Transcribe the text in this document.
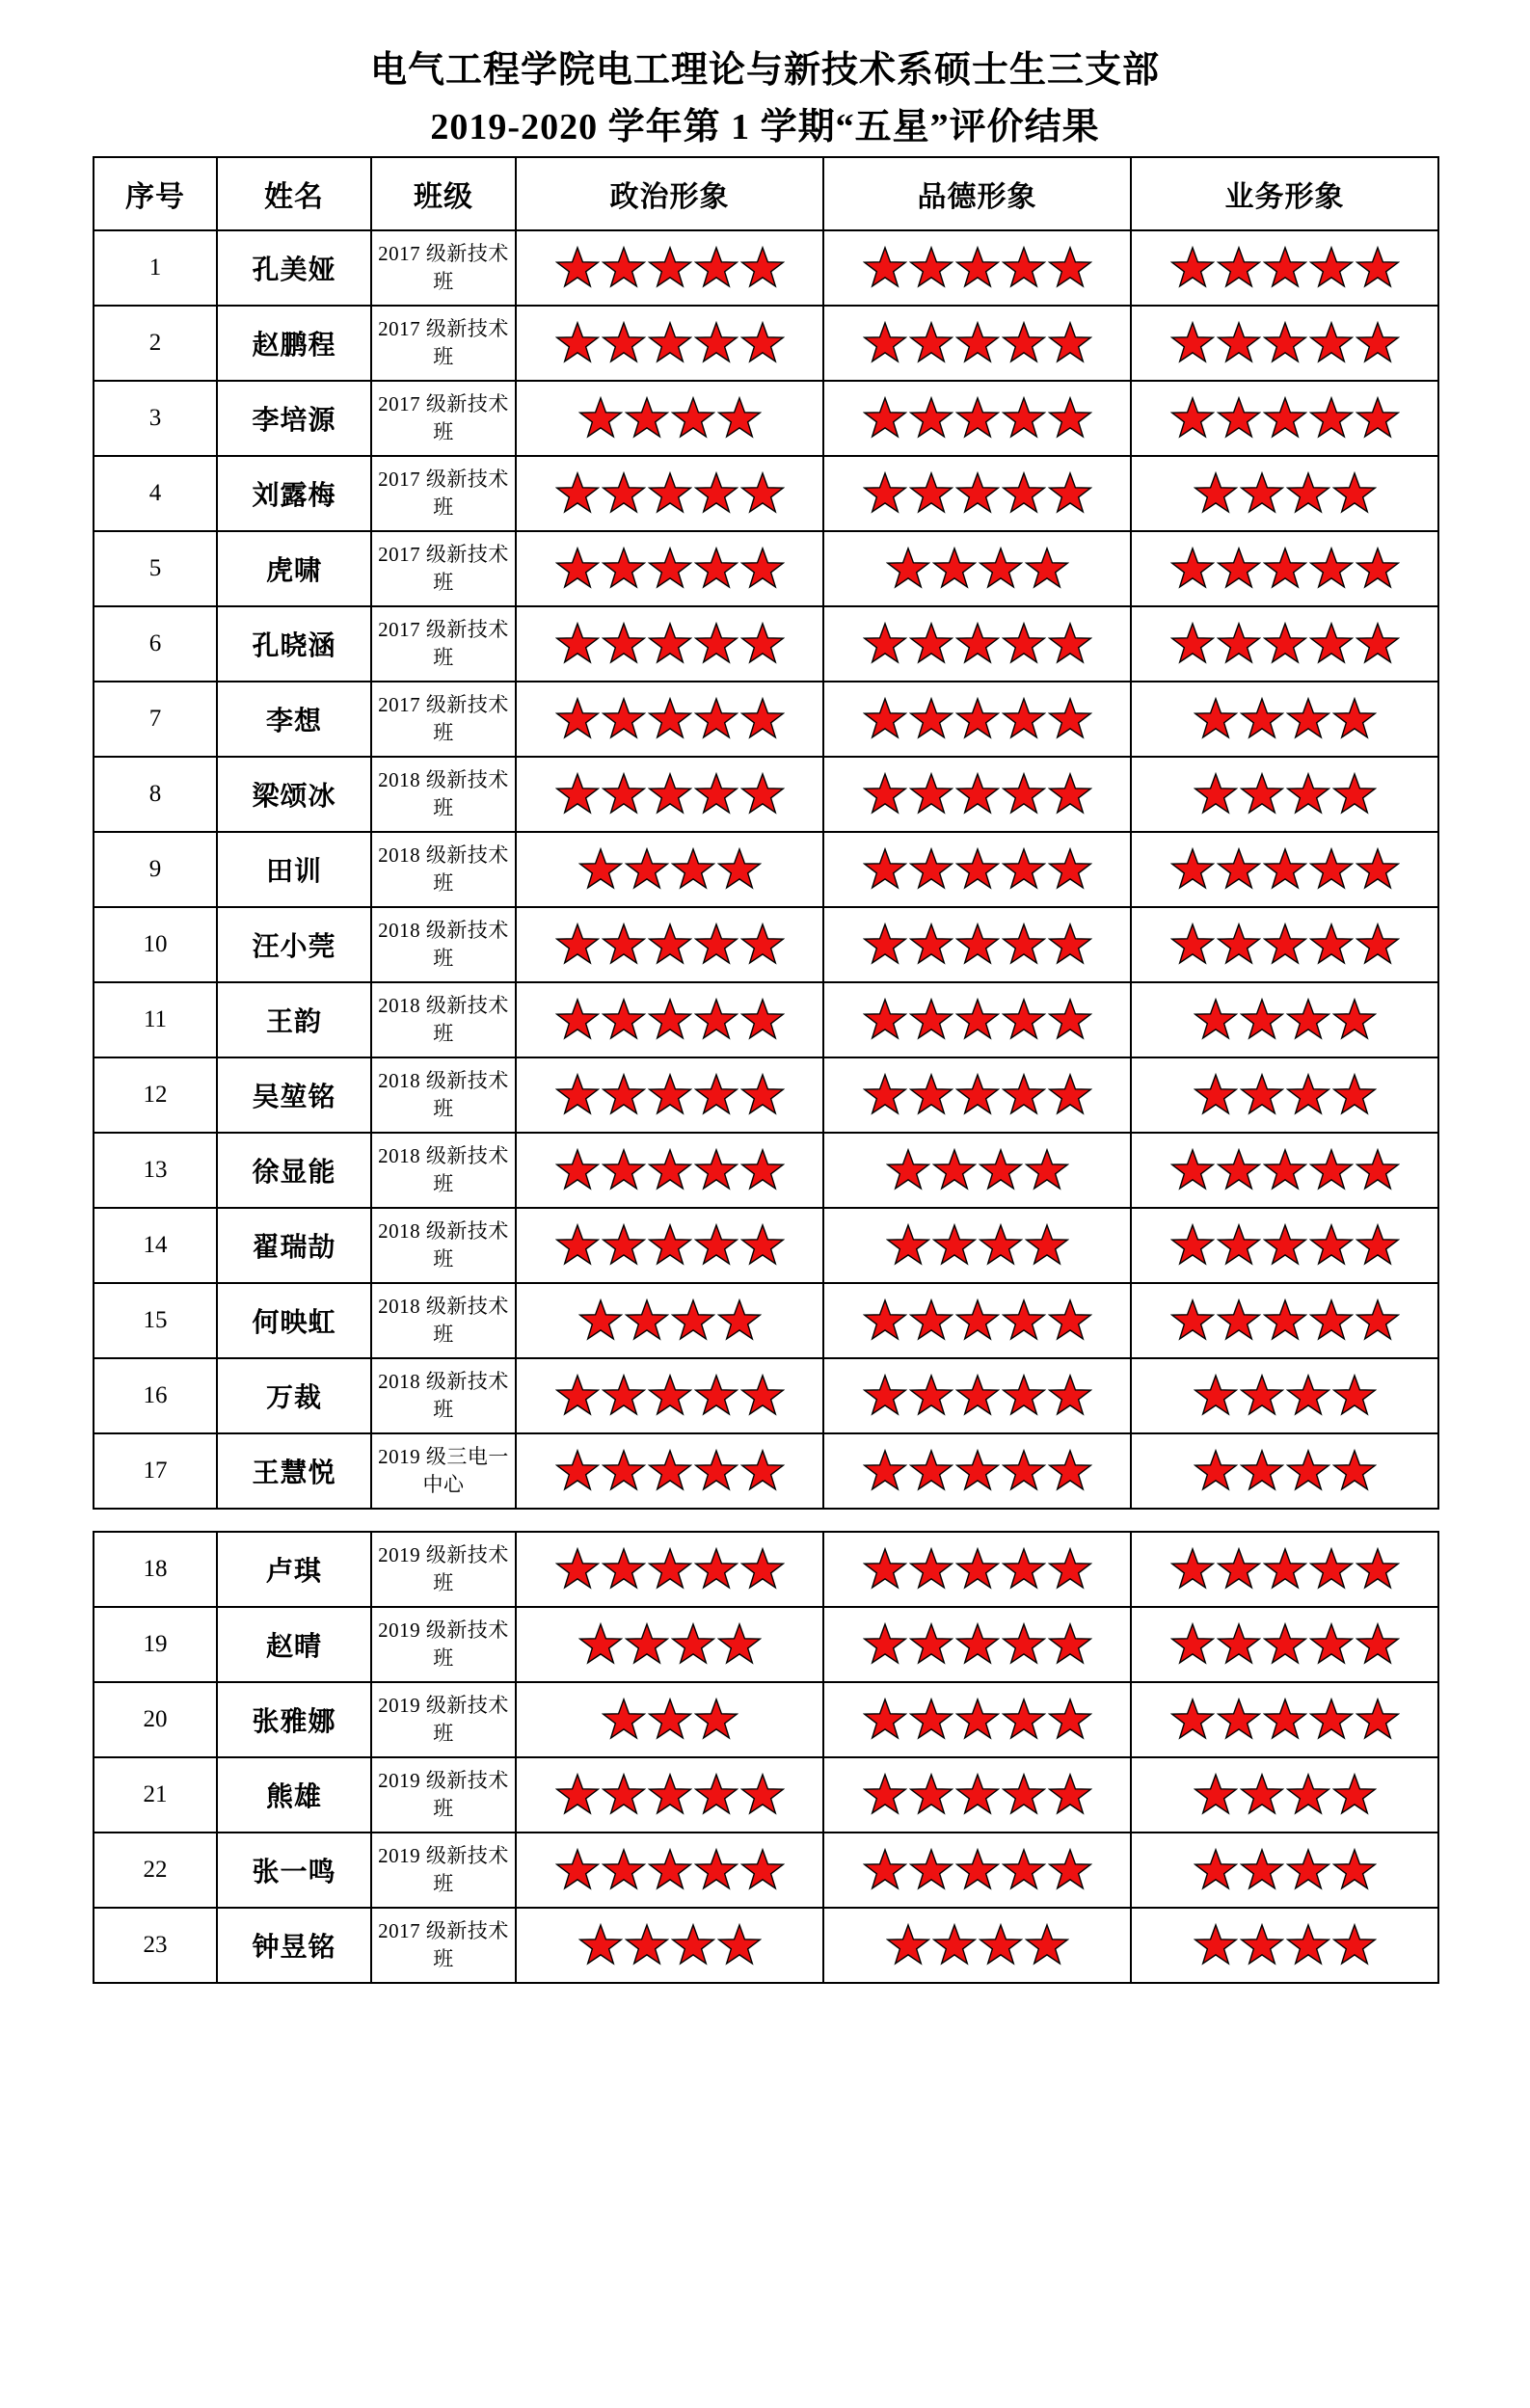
电气工程学院电工理论与新技术系硕士生三支部
2019-2020 学年第 1 学期“五星”评价结果
序号	姓名	班级	政治形象	品德形象	业务形象
1	孔美娅	2017 级新技术班	

2	赵鹏程	2017 级新技术班	

3	李培源	2017 级新技术班	

4	刘露梅	2017 级新技术班	

5	虎啸	2017 级新技术班	

6	孔晓涵	2017 级新技术班	

7	李想	2017 级新技术班	

8	梁颂冰	2018 级新技术班	

9	田训	2018 级新技术班	

10	汪小莞	2018 级新技术班	

11	王韵	2018 级新技术班	

12	吴堃铭	2018 级新技术班	

13	徐显能	2018 级新技术班	

14	翟瑞劼	2018 级新技术班	

15	何映虹	2018 级新技术班	

16	万裁	2018 级新技术班	

17	王慧悦	2019 级三电一中心	

18	卢琪	2019 级新技术班	

19	赵晴	2019 级新技术班	

20	张雅娜	2019 级新技术班	

21	熊雄	2019 级新技术班	

22	张一鸣	2019 级新技术班	

23	钟昱铭	2017 级新技术班	
